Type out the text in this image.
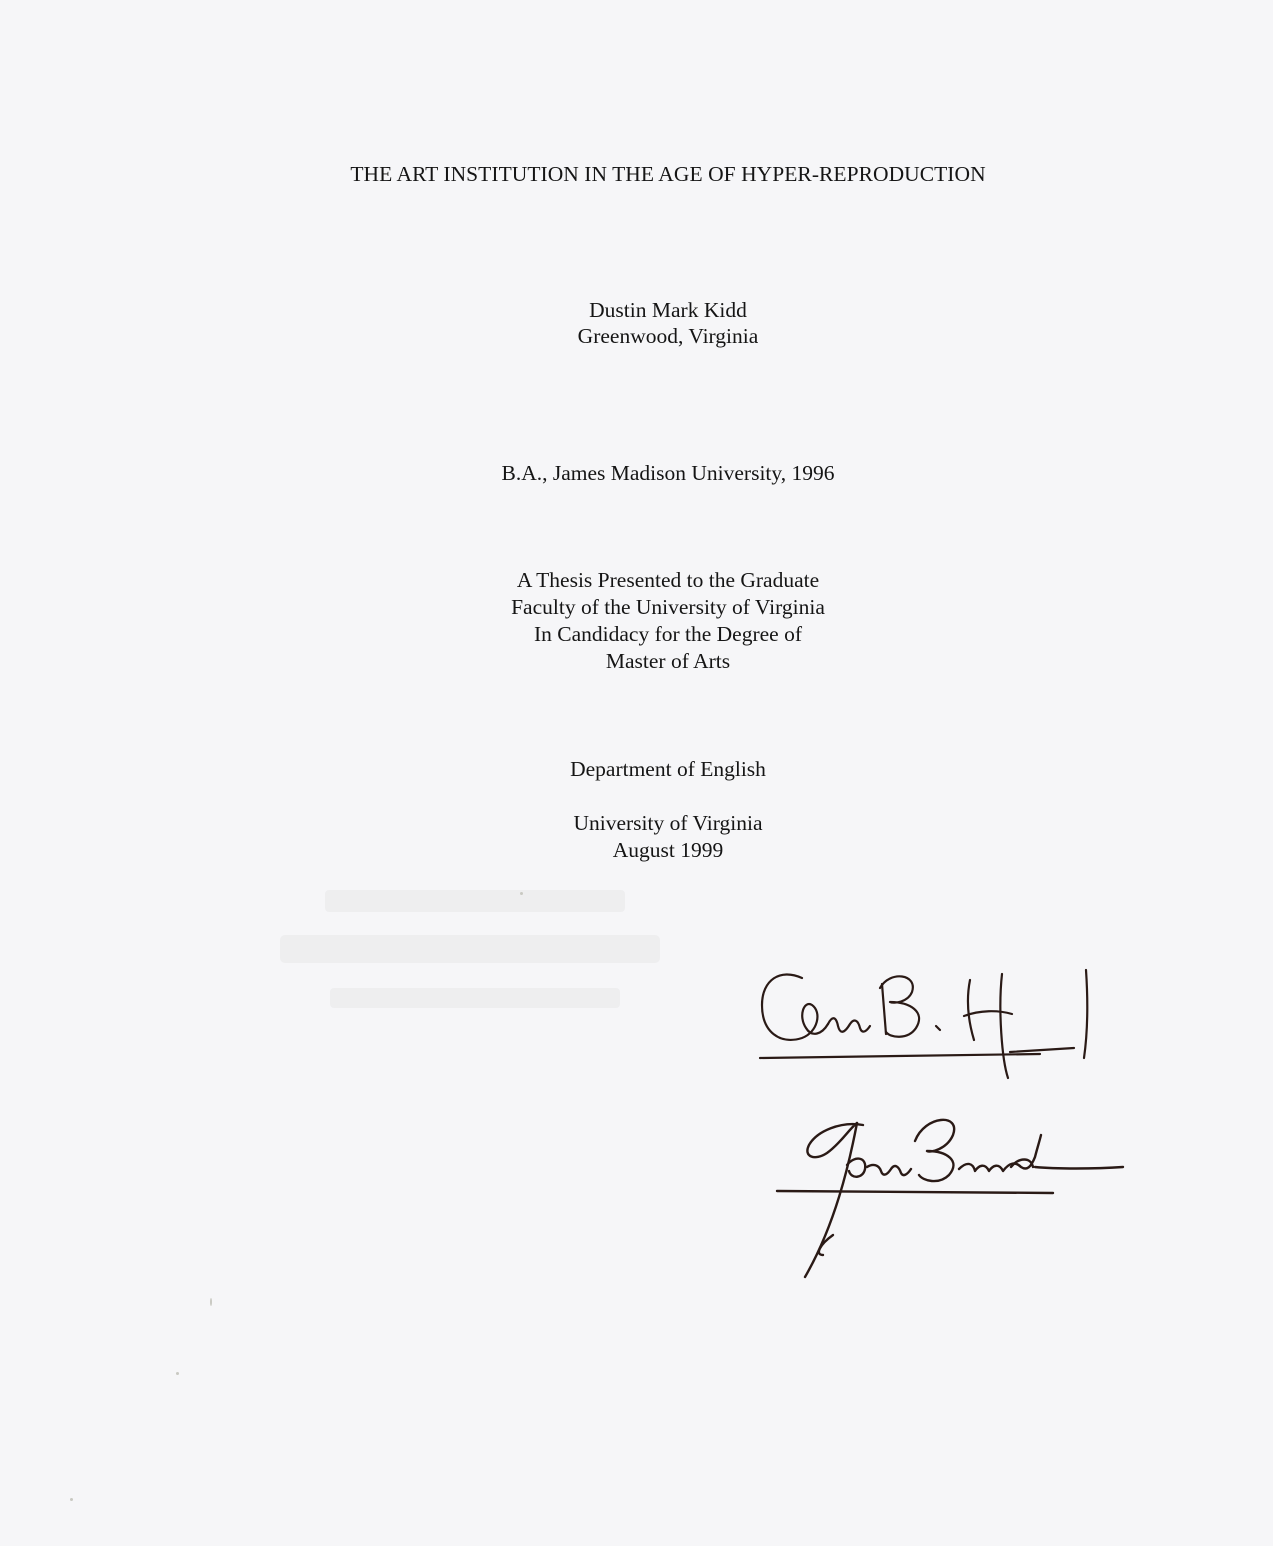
THE ART INSTITUTION IN THE AGE OF HYPER-REPRODUCTION
Dustin Mark Kidd
Greenwood, Virginia
B.A., James Madison University, 1996
A Thesis Presented to the Graduate
Faculty of the University of Virginia
In Candidacy for the Degree of
Master of Arts
Department of English
University of Virginia
August 1999
